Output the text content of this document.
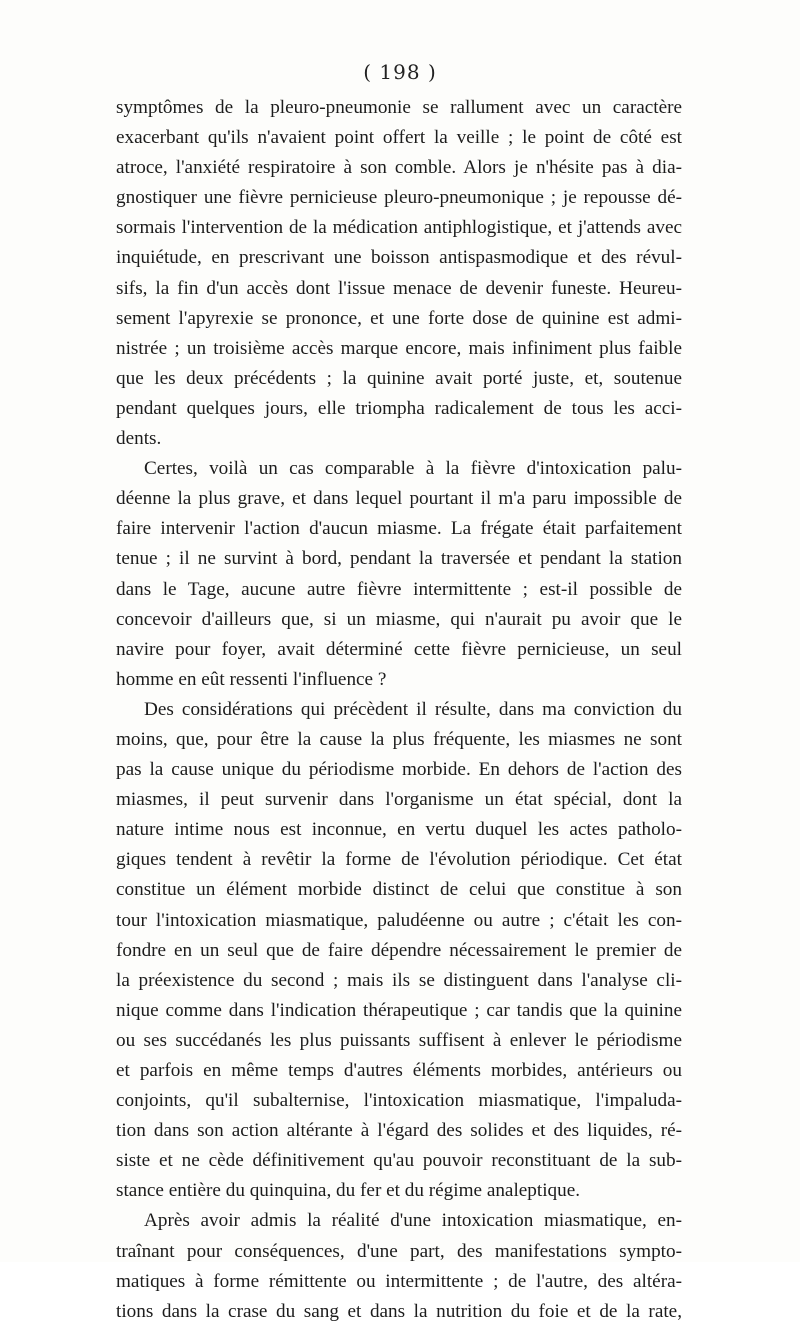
( 198 )
symptômes de la pleuro-pneumonie se rallument avec un caractère
exacerbant qu'ils n'avaient point offert la veille ; le point de côté est
atroce, l'anxiété respiratoire à son comble. Alors je n'hésite pas à dia-
gnostiquer une fièvre pernicieuse pleuro-pneumonique ; je repousse dé-
sormais l'intervention de la médication antiphlogistique, et j'attends avec
inquiétude, en prescrivant une boisson antispasmodique et des révul-
sifs, la fin d'un accès dont l'issue menace de devenir funeste. Heureu-
sement l'apyrexie se prononce, et une forte dose de quinine est admi-
nistrée ; un troisième accès marque encore, mais infiniment plus faible
que les deux précédents ; la quinine avait porté juste, et, soutenue
pendant quelques jours, elle triompha radicalement de tous les acci-
dents.
Certes, voilà un cas comparable à la fièvre d'intoxication palu-
déenne la plus grave, et dans lequel pourtant il m'a paru impossible de
faire intervenir l'action d'aucun miasme. La frégate était parfaitement
tenue ; il ne survint à bord, pendant la traversée et pendant la station
dans le Tage, aucune autre fièvre intermittente ; est-il possible de
concevoir d'ailleurs que, si un miasme, qui n'aurait pu avoir que le
navire pour foyer, avait déterminé cette fièvre pernicieuse, un seul
homme en eût ressenti l'influence ?
Des considérations qui précèdent il résulte, dans ma conviction du
moins, que, pour être la cause la plus fréquente, les miasmes ne sont
pas la cause unique du périodisme morbide. En dehors de l'action des
miasmes, il peut survenir dans l'organisme un état spécial, dont la
nature intime nous est inconnue, en vertu duquel les actes patholo-
giques tendent à revêtir la forme de l'évolution périodique. Cet état
constitue un élément morbide distinct de celui que constitue à son
tour l'intoxication miasmatique, paludéenne ou autre ; c'était les con-
fondre en un seul que de faire dépendre nécessairement le premier de
la préexistence du second ; mais ils se distinguent dans l'analyse cli-
nique comme dans l'indication thérapeutique ; car tandis que la quinine
ou ses succédanés les plus puissants suffisent à enlever le périodisme
et parfois en même temps d'autres éléments morbides, antérieurs ou
conjoints, qu'il subalternise, l'intoxication miasmatique, l'impaluda-
tion dans son action altérante à l'égard des solides et des liquides, ré-
siste et ne cède définitivement qu'au pouvoir reconstituant de la sub-
stance entière du quinquina, du fer et du régime analeptique.
Après avoir admis la réalité d'une intoxication miasmatique, en-
traînant pour conséquences, d'une part, des manifestations sympto-
matiques à forme rémittente ou intermittente ; de l'autre, des altéra-
tions dans la crase du sang et dans la nutrition du foie et de la rate,
